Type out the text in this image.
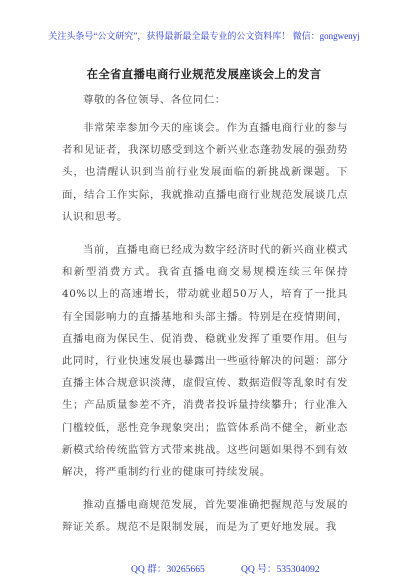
关注头条号“公文研究”，获得最新最全最专业的公文资料库！ 微信：gongwenyj
在全省直播电商行业规范发展座谈会上的发言
尊敬的各位领导、各位同仁：

非常荣幸参加今天的座谈会。作为直播电商行业的参与者和见证者，我深切感受到这个新兴业态蓬勃发展的强劲势头，也清醒认识到当前行业发展面临的新挑战新课题。下面，结合工作实际，我就推动直播电商行业规范发展谈几点认识和思考。

当前，直播电商已经成为数字经济时代的新兴商业模式和新型消费方式。我省直播电商交易规模连续三年保持40%以上的高速增长，带动就业超50万人，培育了一批具有全国影响力的直播基地和头部主播。特别是在疫情期间，直播电商为保民生、促消费、稳就业发挥了重要作用。但与此同时，行业快速发展也暴露出一些亟待解决的问题：部分直播主体合规意识淡薄，虚假宣传、数据造假等乱象时有发生；产品质量参差不齐，消费者投诉量持续攀升；行业准入门槛较低，恶性竞争现象突出；监管体系尚不健全，新业态新模式给传统监管方式带来挑战。这些问题如果得不到有效解决，将严重制约行业的健康可持续发展。

推动直播电商规范发展，首先要准确把握规范与发展的辩证关系。规范不是限制发展，而是为了更好地发展。我

QQ 群：30265665	QQ 号：535304092
